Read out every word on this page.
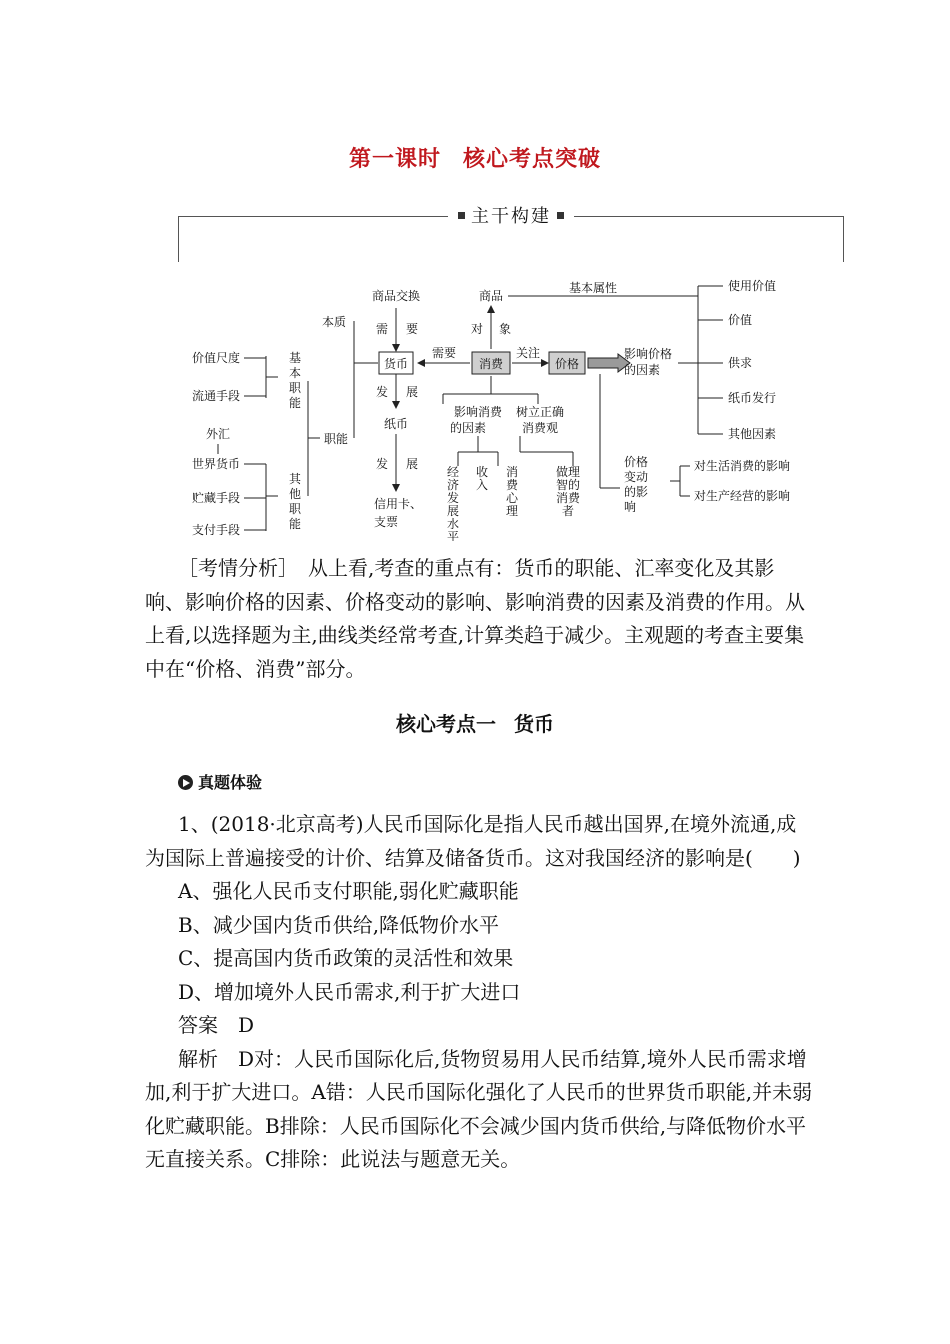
第一课时 核心考点突破
主干构建
商品交换
需 要
本质
货币
发 展
纸币
发 展
信用卡、
支票
职能
基
本
职
能
其
他
职
能
价值尺度
流通手段
外汇
世界货币
贮藏手段
支付手段
商品
对 象
需要
消费
关注
价格
基本属性
影响消费
的因素
树立正确
消费观
经
济
发
展
水
平
收
入
消
费
心
理
做理
智的
消费
者
影响价格
的因素
使用价值
价值
供求
纸币发行
其他因素
价格
变动
的影
响
对生活消费的影响
对生产经营的影响

［考情分析］　从上看,考查的重点有：货币的职能、汇率变化及其影响、影响价格的因素、价格变动的影响、影响消费的因素及消费的作用。从上看,以选择题为主,曲线类经常考查,计算类趋于减少。主观题的考查主要集中在“价格、消费”部分。

核心考点一 货币
真题体验

1、(2018·北京高考)人民币国际化是指人民币越出国界,在境外流通,成为国际上普遍接受的计价、结算及储备货币。这对我国经济的影响是(　　)

A、强化人民币支付职能,弱化贮藏职能

B、减少国内货币供给,降低物价水平

C、提高国内货币政策的灵活性和效果

D、增加境外人民币需求,利于扩大进口

答案　D

解析　D对：人民币国际化后,货物贸易用人民币结算,境外人民币需求增加,利于扩大进口。A错：人民币国际化强化了人民币的世界货币职能,并未弱化贮藏职能。B排除：人民币国际化不会减少国内货币供给,与降低物价水平无直接关系。C排除：此说法与题意无关。
